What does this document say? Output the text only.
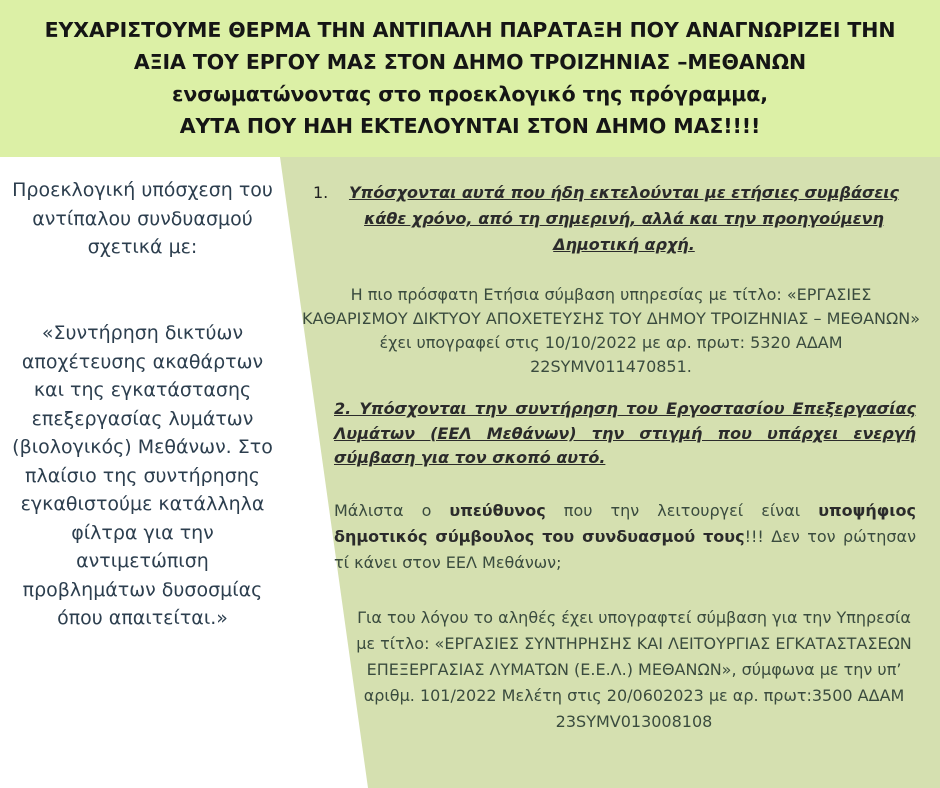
ΕΥΧΑΡΙΣΤΟΥΜΕ ΘΕΡΜΑ ΤΗΝ ΑΝΤΙΠΑΛΗ ΠΑΡΑΤΑΞΗ ΠΟΥ ΑΝΑΓΝΩΡΙΖΕΙ ΤΗΝ
ΑΞΙΑ ΤΟΥ ΕΡΓΟΥ ΜΑΣ ΣΤΟΝ ΔΗΜΟ ΤΡΟΙΖΗΝΙΑΣ –ΜΕΘΑΝΩΝ
ενσωματώνοντας στο προεκλογικό της πρόγραμμα,
ΑΥΤΑ ΠΟΥ ΗΔΗ ΕΚΤΕΛΟΥΝΤΑΙ ΣΤΟΝ ΔΗΜΟ ΜΑΣ!!!!
Προεκλογική υπόσχεση του αντίπαλου συνδυασμού σχετικά με:
«Συντήρηση δικτύων αποχέτευσης ακαθάρτων και της εγκατάστασης επεξεργασίας λυμάτων (βιολογικός) Μεθάνων. Στο πλαίσιο της συντήρησης εγκαθιστούμε κατάλληλα φίλτρα για την αντιμετώπιση προβλημάτων δυσοσμίας όπου απαιτείται.»
1.	Υπόσχονται αυτά που ήδη εκτελούνται με ετήσιες συμβάσεις κάθε χρόνο, από τη σημερινή, αλλά και την προηγούμενη Δημοτική αρχή.
Η πιο πρόσφατη Ετήσια σύμβαση υπηρεσίας με τίτλο: «ΕΡΓΑΣΙΕΣ ΚΑΘΑΡΙΣΜΟΥ ΔΙΚΤΥΟΥ ΑΠΟΧΕΤΕΥΣΗΣ ΤΟΥ ΔΗΜΟΥ ΤΡΟΙΖΗΝΙΑΣ – ΜΕΘΑΝΩΝ» έχει υπογραφεί στις 10/10/2022 με αρ. πρωτ: 5320 ΑΔΑΜ 22SYMV011470851.
2. Υπόσχονται την συντήρηση του Εργοστασίου Επεξεργασίας Λυμάτων (ΕΕΛ Μεθάνων) την στιγμή που υπάρχει ενεργή σύμβαση για τον σκοπό αυτό.
Μάλιστα ο υπεύθυνος που την λειτουργεί είναι υποψήφιος δημοτικός σύμβουλος του συνδυασμού τους!!! Δεν τον ρώτησαν τί κάνει στον ΕΕΛ Μεθάνων;
Για του λόγου το αληθές έχει υπογραφτεί σύμβαση για την Υπηρεσία με τίτλο: «ΕΡΓΑΣΙΕΣ ΣΥΝΤΗΡΗΣΗΣ ΚΑΙ ΛΕΙΤΟΥΡΓΙΑΣ ΕΓΚΑΤΑΣΤΑΣΕΩΝ ΕΠΕΞΕΡΓΑΣΙΑΣ ΛΥΜΑΤΩΝ (Ε.Ε.Λ.) ΜΕΘΑΝΩΝ», σύμφωνα με την υπ’ αριθμ. 101/2022 Μελέτη στις 20/0602023 με αρ. πρωτ:3500 ΑΔΑΜ 23SYMV013008108
